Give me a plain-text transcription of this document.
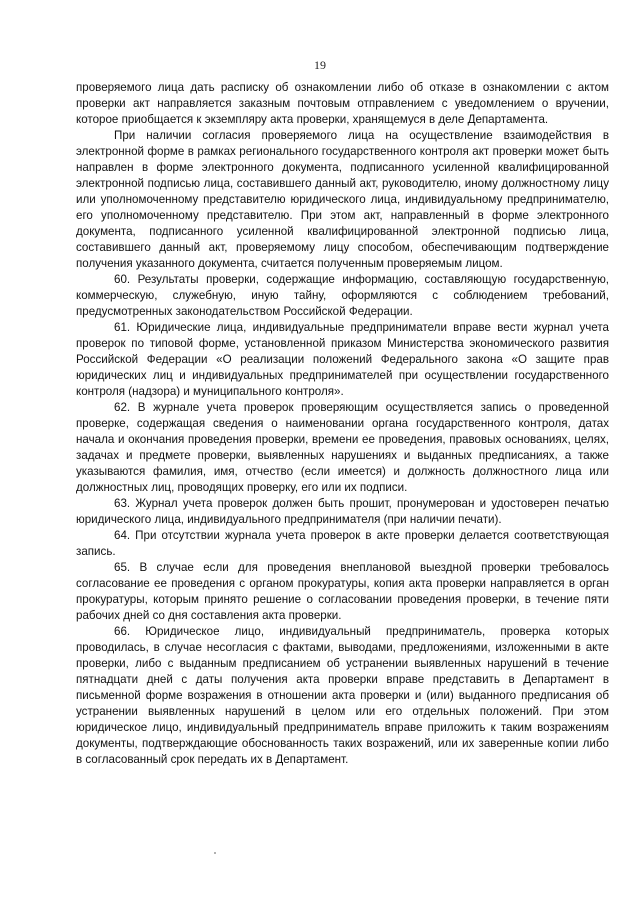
19

проверяемого лица дать расписку об ознакомлении либо об отказе в ознакомлении с актом проверки акт направляется заказным почтовым отправлением с уведомлением о вручении, которое приобщается к экземпляру акта проверки, хранящемуся в деле Департамента.

При наличии согласия проверяемого лица на осуществление взаимодействия в электронной форме в рамках регионального государственного контроля акт проверки может быть направлен в форме электронного документа, подписанного усиленной квалифицированной электронной подписью лица, составившего данный акт, руководителю, иному должностному лицу или уполномоченному представителю юридического лица, индивидуальному предпринимателю, его уполномоченному представителю. При этом акт, направленный в форме электронного документа, подписанного усиленной квалифицированной электронной подписью лица, составившего данный акт, проверяемому лицу способом, обеспечивающим подтверждение получения указанного документа, считается полученным проверяемым лицом.

60. Результаты проверки, содержащие информацию, составляющую государственную, коммерческую, служебную, иную тайну, оформляются с соблюдением требований, предусмотренных законодательством Российской Федерации.

61. Юридические лица, индивидуальные предприниматели вправе вести журнал учета проверок по типовой форме, установленной приказом Министерства экономического развития Российской Федерации «О реализации положений Федерального закона «О защите прав юридических лиц и индивидуальных предпринимателей при осуществлении государственного контроля (надзора) и муниципального контроля».

62. В журнале учета проверок проверяющим осуществляется запись о проведенной проверке, содержащая сведения о наименовании органа государственного контроля, датах начала и окончания проведения проверки, времени ее проведения, правовых основаниях, целях, задачах и предмете проверки, выявленных нарушениях и выданных предписаниях, а также указываются фамилия, имя, отчество (если имеется) и должность должностного лица или должностных лиц, проводящих проверку, его или их подписи.

63. Журнал учета проверок должен быть прошит, пронумерован и удостоверен печатью юридического лица, индивидуального предпринимателя (при наличии печати).

64. При отсутствии журнала учета проверок в акте проверки делается соответствующая запись.

65. В случае если для проведения внеплановой выездной проверки требовалось согласование ее проведения с органом прокуратуры, копия акта проверки направляется в орган прокуратуры, которым принято решение о согласовании проведения проверки, в течение пяти рабочих дней со дня составления акта проверки.

66. Юридическое лицо, индивидуальный предприниматель, проверка которых проводилась, в случае несогласия с фактами, выводами, предложениями, изложенными в акте проверки, либо с выданным предписанием об устранении выявленных нарушений в течение пятнадцати дней с даты получения акта проверки вправе представить в Департамент в письменной форме возражения в отношении акта проверки и (или) выданного предписания об устранении выявленных нарушений в целом или его отдельных положений. При этом юридическое лицо, индивидуальный предприниматель вправе приложить к таким возражениям документы, подтверждающие обоснованность таких возражений, или их заверенные копии либо в согласованный срок передать их в Департамент.
